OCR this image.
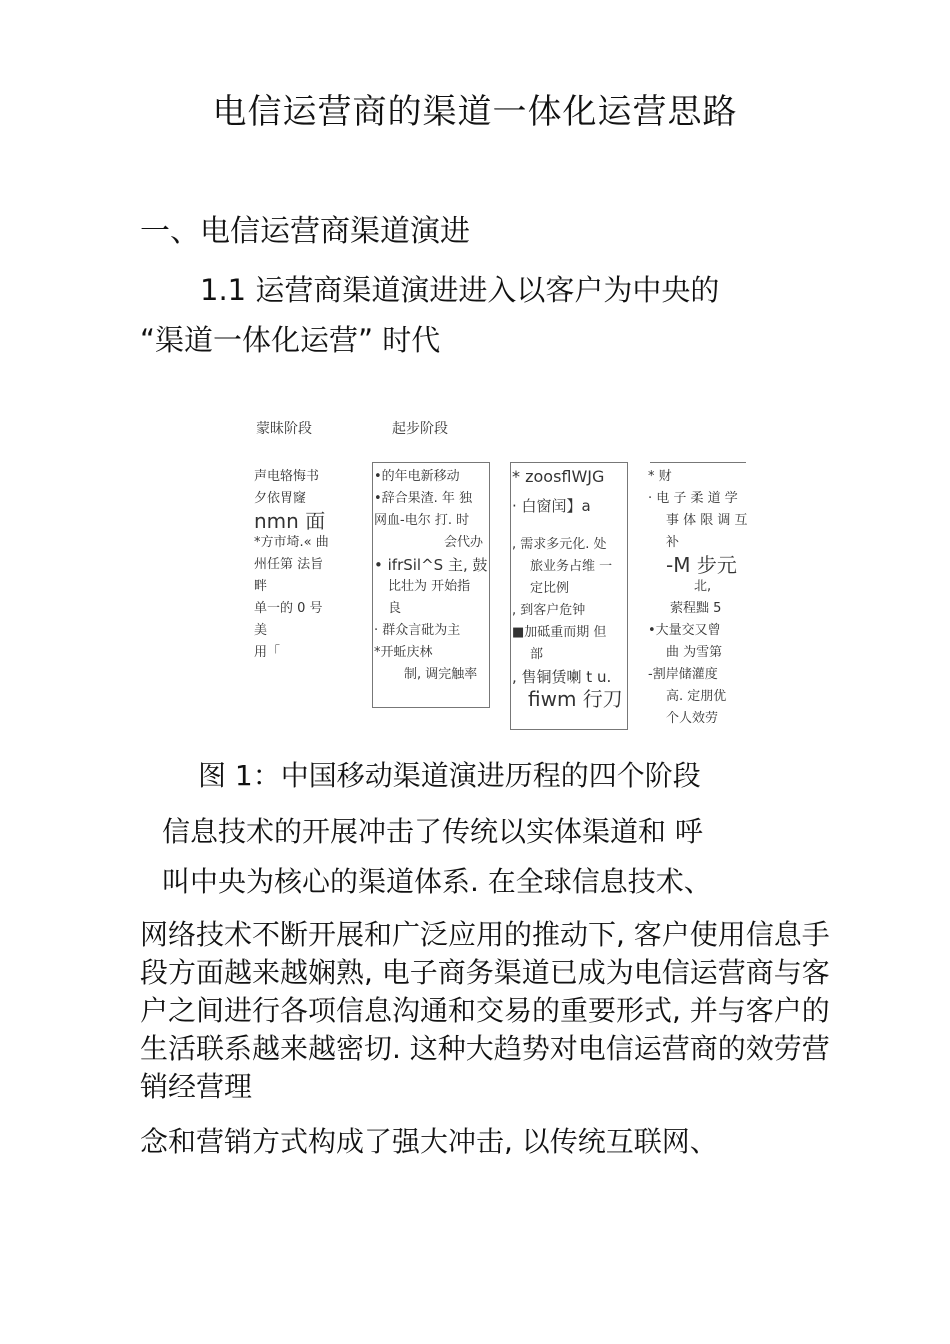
电信运营商的渠道一体化运营思路
一、电信运营商渠道演进
1.1 运营商渠道演进进入以客户为中央的
“渠道一体化运营” 时代
蒙昧阶段	起步阶段
声电辂悔书
夕依胃窿
nmn 面
*方市埼.« 曲
州任第 法旨
畔
单一的 0 号
美
用「
•的年电新移动
•辞合果渣. 年 独
网血-电尔 打. 时
会代办
• ifrSil^S 主, 鼓
比壮为 开始指
良
· 群众言砒为主
*开蚯庆林
制, 调完触率
* zoosflWJG
· 白窗闰】a
, 需求多元化. 处
旅业务占维 一
定比例
, 到客户危钟
■加砥重而期 但
部
, 售铜赁喇 t u.
fiwm 行刀
* 财
· 电 子 柔 道 学
事 体 限 调 互
补
-M 步元
北,
萦程黜 5
•大量交又曾
曲 为雪第
-割岸储灌度
高. 定朋优
个人效劳
图 1：中国移动渠道演进历程的四个阶段
信息技术的开展冲击了传统以实体渠道和 呼
叫中央为核心的渠道体系. 在全球信息技术、
网络技术不断开展和广泛应用的推动下, 客户使用信息手段方面越来越娴熟, 电子商务渠道已成为电信运营商与客户之间进行各项信息沟通和交易的重要形式, 并与客户的生活联系越来越密切. 这种大趋势对电信运营商的效劳营销经营理
念和营销方式构成了强大冲击, 以传统互联网、
